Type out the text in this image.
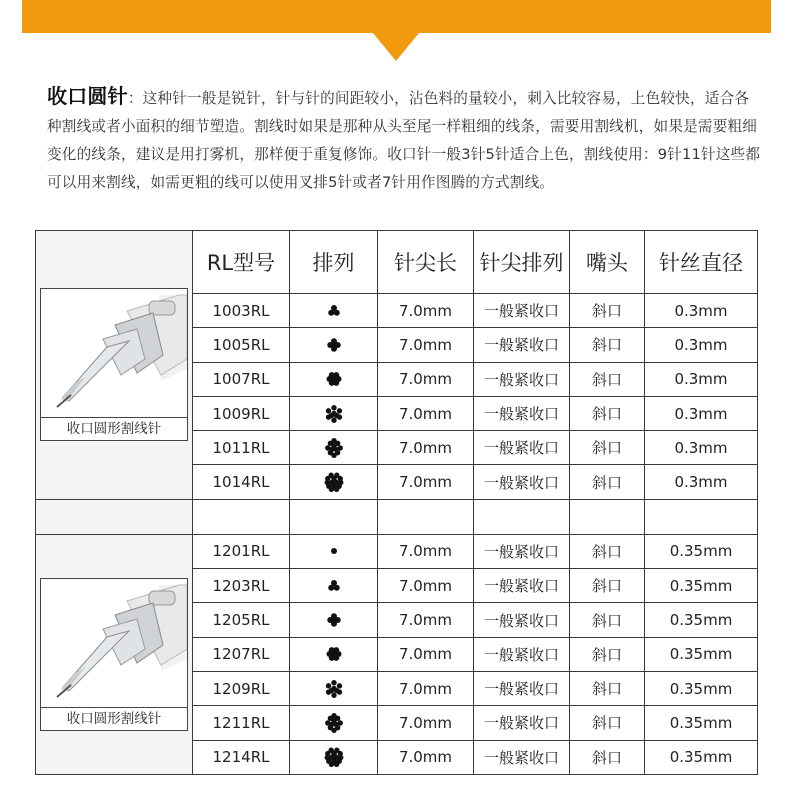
收口圆针：这种针一般是锐针，针与针的间距较小，沾色料的量较小，刺入比较容易，上色较快，适合各种割线或者小面积的细节塑造。割线时如果是那种从头至尾一样粗细的线条，需要用割线机，如果是需要粗细变化的线条，建议是用打雾机，那样便于重复修饰。收口针一般3针5针适合上色，割线使用：9针11针这些都可以用来割线，如需更粗的线可以使用叉排5针或者7针用作图腾的方式割线。
收口圆形割线针	RL型号	排列	针尖长	针尖排列	嘴头	针丝直径
	1003RL		7.0mm	一般紧收口	斜口	0.3mm
	1005RL		7.0mm	一般紧收口	斜口	0.3mm
	1007RL		7.0mm	一般紧收口	斜口	0.3mm
	1009RL		7.0mm	一般紧收口	斜口	0.3mm
	1011RL		7.0mm	一般紧收口	斜口	0.3mm
	1014RL		7.0mm	一般紧收口	斜口	0.3mm

收口圆形割线针	1201RL		7.0mm	一般紧收口	斜口	0.35mm
	1203RL		7.0mm	一般紧收口	斜口	0.35mm
	1205RL		7.0mm	一般紧收口	斜口	0.35mm
	1207RL		7.0mm	一般紧收口	斜口	0.35mm
	1209RL		7.0mm	一般紧收口	斜口	0.35mm
	1211RL		7.0mm	一般紧收口	斜口	0.35mm
	1214RL		7.0mm	一般紧收口	斜口	0.35mm
